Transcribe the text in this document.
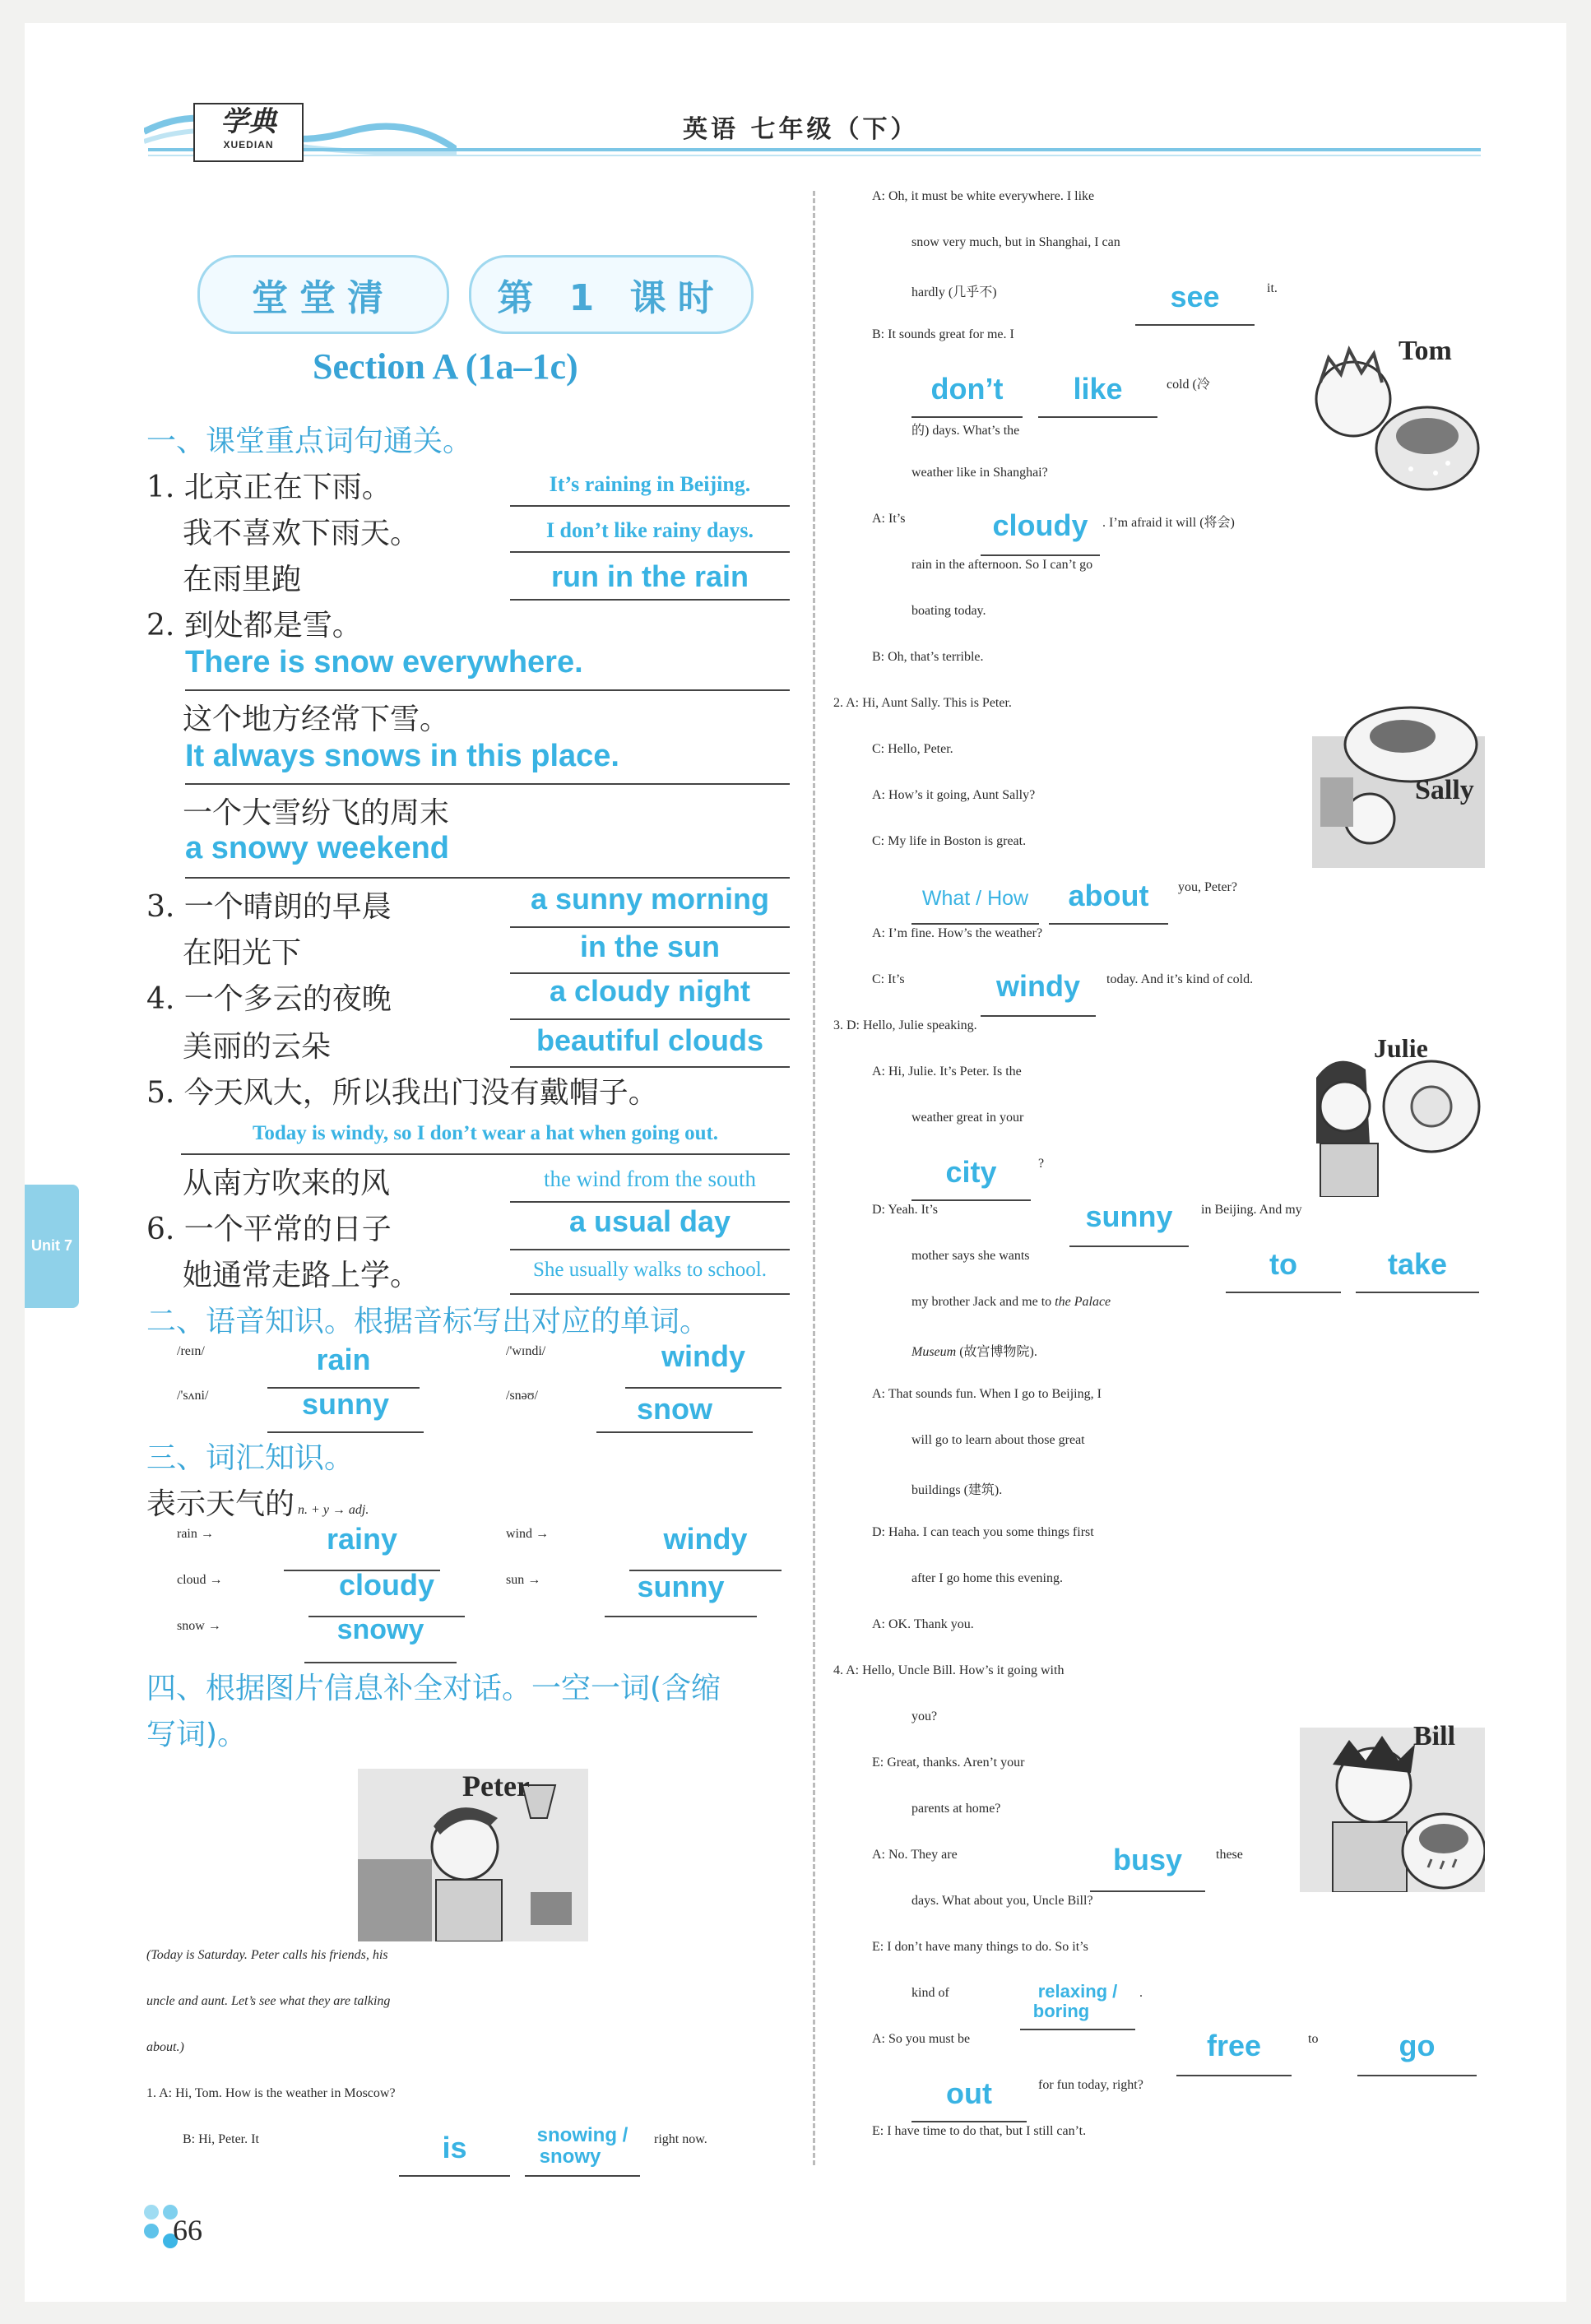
学典
XUEDIAN
英语 七年级（下）
堂堂清	第 1 课时
Section A (1a–1c)
一、课堂重点词句通关。
1. 北京正在下雨。	It’s raining in Beijing.
我不喜欢下雨天。	I don’t like rainy days.
在雨里跑	run in the rain
2. 到处都是雪。
There is snow everywhere.
这个地方经常下雪。
It always snows in this place.
一个大雪纷飞的周末
a snowy weekend
3. 一个晴朗的早晨	a sunny morning
在阳光下	in the sun
4. 一个多云的夜晚	a cloudy night
美丽的云朵	beautiful clouds
5. 今天风大，所以我出门没有戴帽子。
Today is windy, so I don’t wear a hat when going out.
从南方吹来的风	the wind from the south
6. 一个平常的日子	a usual day
她通常走路上学。	She usually walks to school.
二、语音知识。根据音标写出对应的单词。
/reɪn/	rain	/'wɪndi/	windy
/'sʌni/	sunny	/snəʊ/	snow
三、词汇知识。
表示天气的 n. + y → adj.
rain →	rainy	wind →	windy
cloud →	cloudy	sun →	sunny
snow →	snowy
四、根据图片信息补全对话。一空一词(含缩
写词)。
Peter
(Today is Saturday. Peter calls his friends, his
uncle and aunt. Let’s see what they are talking
about.)
1. A: Hi, Tom. How is the weather in Moscow?
B: Hi, Peter. It	is	snowing /
snowy
right now.
A: Oh, it must be white everywhere. I like
snow very much, but in Shanghai, I can
hardly (几乎不)	see	it.
B: It sounds great for me. I
Tom
don’t	like	cold (冷
的) days. What’s the
weather like in Shanghai?
A: It’s	cloudy	. I’m afraid it will (将会)
rain in the afternoon. So I can’t go
boating today.
B: Oh, that’s terrible.
2. A: Hi, Aunt Sally. This is Peter.
Sally
C: Hello, Peter.
A: How’s it going, Aunt Sally?
C: My life in Boston is great.
What / How	about	you, Peter?
A: I’m fine. How’s the weather?
C: It’s	windy	today. And it’s kind of cold.
3. D: Hello, Julie speaking.
Julie
A: Hi, Julie. It’s Peter. Is the
weather great in your
city	?
D: Yeah. It’s	sunny	in Beijing. And my
mother says she wants	to	take
my brother Jack and me to the Palace
Museum (故宫博物院).
A: That sounds fun. When I go to Beijing, I
will go to learn about those great
buildings (建筑).
D: Haha. I can teach you some things first
after I go home this evening.
A: OK. Thank you.
4. A: Hello, Uncle Bill. How’s it going with
you?
Bill
E: Great, thanks. Aren’t your
parents at home?
A: No. They are	busy	these
days. What about you, Uncle Bill?
E: I don’t have many things to do. So it’s
kind of	relaxing /
boring
.
A: So you must be	free	to	go
out	for fun today, right?
E: I have time to do that, but I still can’t.
Unit 7
66
